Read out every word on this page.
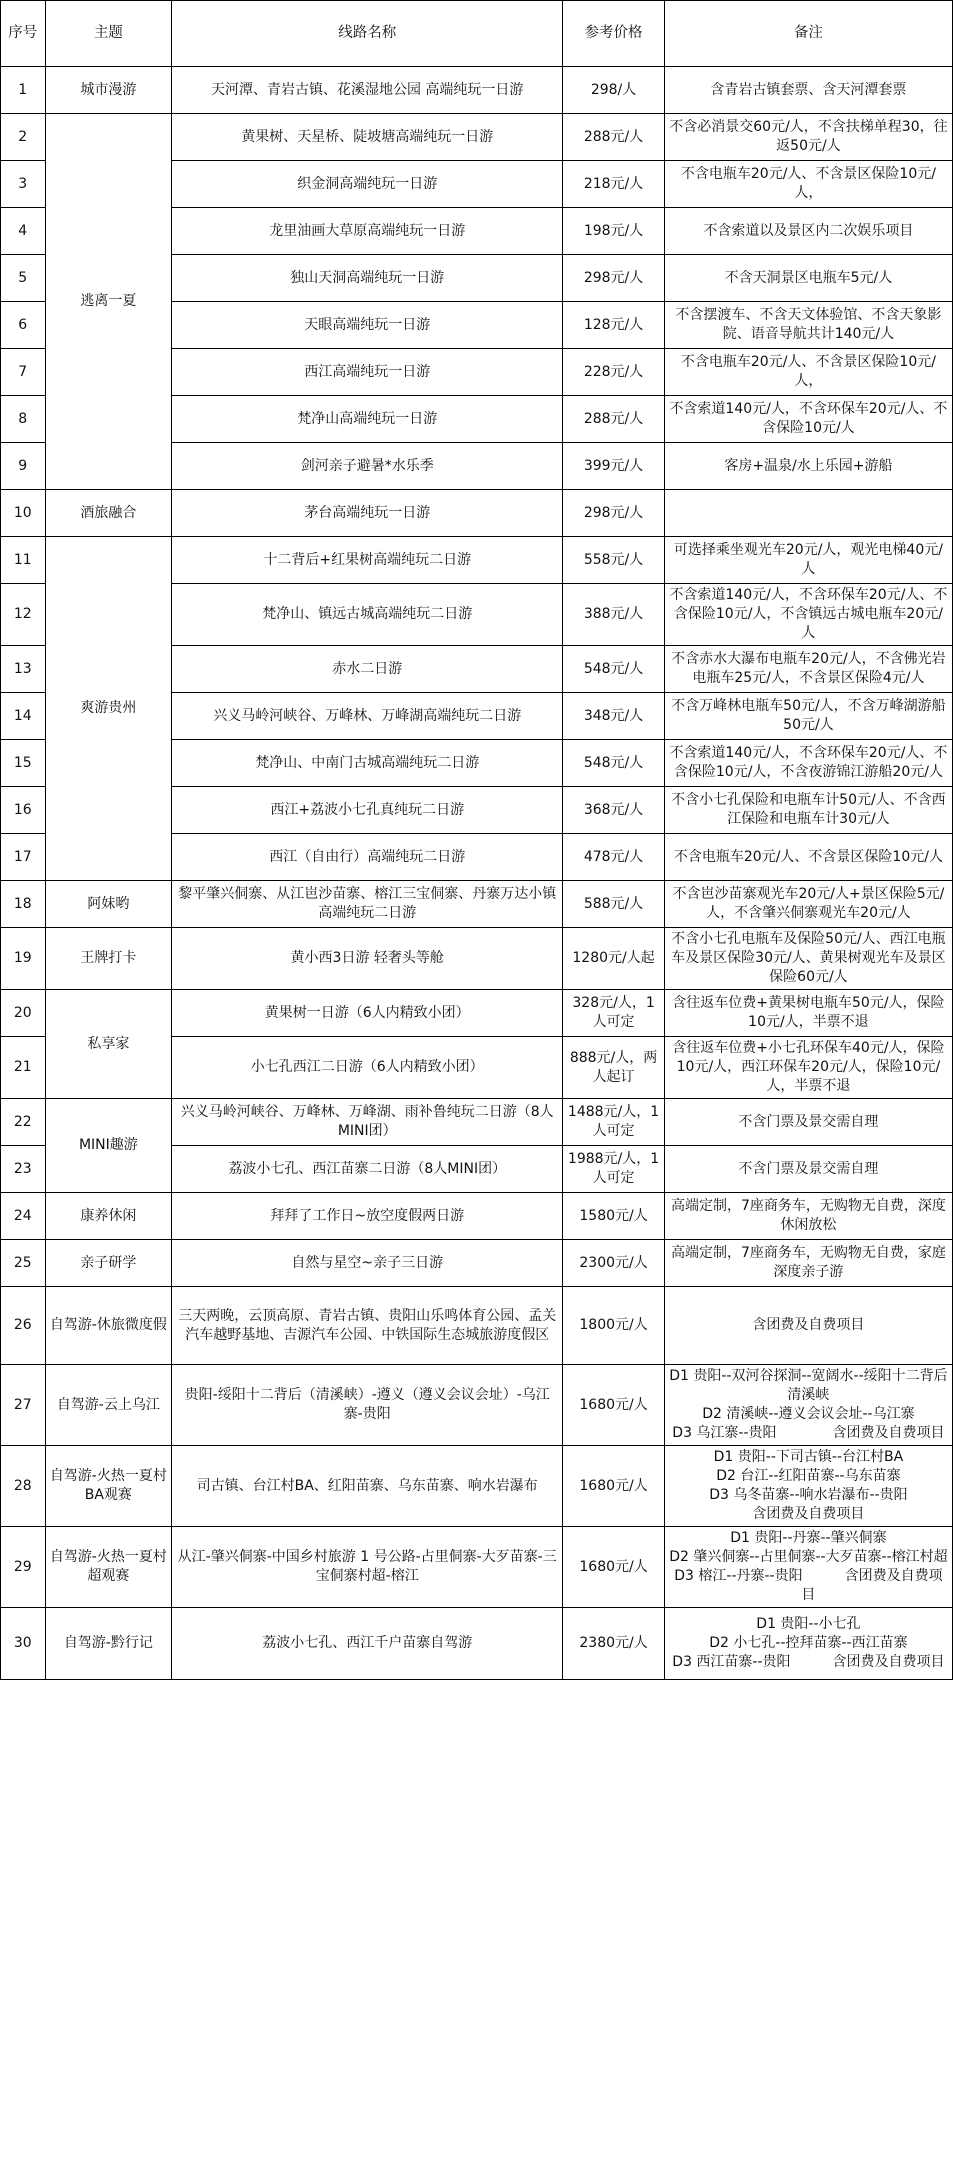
序号	主题	线路名称	参考价格	备注
1	城市漫游	天河潭、青岩古镇、花溪湿地公园 高端纯玩一日游	298/人	含青岩古镇套票、含天河潭套票
2	逃离一夏	黄果树、天星桥、陡坡塘高端纯玩一日游	288元/人	不含必消景交60元/人，不含扶梯单程30，往返50元/人
3		织金洞高端纯玩一日游	218元/人	不含电瓶车20元/人、不含景区保险10元/人，
4		龙里油画大草原高端纯玩一日游	198元/人	不含索道以及景区内二次娱乐项目
5		独山天洞高端纯玩一日游	298元/人	不含天洞景区电瓶车5元/人
6		天眼高端纯玩一日游	128元/人	不含摆渡车、不含天文体验馆、不含天象影院、语音导航共计140元/人
7		西江高端纯玩一日游	228元/人	不含电瓶车20元/人、不含景区保险10元/人，
8		梵净山高端纯玩一日游	288元/人	不含索道140元/人，不含环保车20元/人、不含保险10元/人
9		剑河亲子避暑*水乐季	399元/人	客房+温泉/水上乐园+游船
10	酒旅融合	茅台高端纯玩一日游	298元/人	
11	爽游贵州	十二背后+红果树高端纯玩二日游	558元/人	可选择乘坐观光车20元/人，观光电梯40元/人
12		梵净山、镇远古城高端纯玩二日游	388元/人	不含索道140元/人，不含环保车20元/人、不含保险10元/人，不含镇远古城电瓶车20元/人
13		赤水二日游	548元/人	不含赤水大瀑布电瓶车20元/人，不含佛光岩电瓶车25元/人，不含景区保险4元/人
14		兴义马岭河峡谷、万峰林、万峰湖高端纯玩二日游	348元/人	不含万峰林电瓶车50元/人，不含万峰湖游船50元/人
15		梵净山、中南门古城高端纯玩二日游	548元/人	不含索道140元/人，不含环保车20元/人、不含保险10元/人，不含夜游锦江游船20元/人
16		西江+荔波小七孔真纯玩二日游	368元/人	不含小七孔保险和电瓶车计50元/人、不含西江保险和电瓶车计30元/人
17		西江（自由行）高端纯玩二日游	478元/人	不含电瓶车20元/人、不含景区保险10元/人
18	阿妹哟	黎平肇兴侗寨、从江岜沙苗寨、榕江三宝侗寨、丹寨万达小镇高端纯玩二日游	588元/人	不含岜沙苗寨观光车20元/人+景区保险5元/人，不含肇兴侗寨观光车20元/人
19	王牌打卡	黄小西3日游 轻奢头等舱	1280元/人起	不含小七孔电瓶车及保险50元/人、西江电瓶车及景区保险30元/人、黄果树观光车及景区保险60元/人
20	私享家	黄果树一日游（6人内精致小团）	328元/人，1人可定	含往返车位费+黄果树电瓶车50元/人，保险10元/人，半票不退
21		小七孔西江二日游（6人内精致小团）	888元/人，两人起订	含往返车位费+小七孔环保车40元/人，保险10元/人，西江环保车20元/人，保险10元/人，半票不退
22	MINI趣游	兴义马岭河峡谷、万峰林、万峰湖、雨补鲁纯玩二日游（8人MINI团）	1488元/人，1人可定	不含门票及景交需自理
23		荔波小七孔、西江苗寨二日游（8人MINI团）	1988元/人，1人可定	不含门票及景交需自理
24	康养休闲	拜拜了工作日~放空度假两日游	1580元/人	高端定制，7座商务车，无购物无自费，深度休闲放松
25	亲子研学	自然与星空~亲子三日游	2300元/人	高端定制，7座商务车，无购物无自费，家庭深度亲子游
26	自驾游-休旅微度假	三天两晚，云顶高原、青岩古镇、贵阳山乐鸣体育公园、孟关汽车越野基地、吉源汽车公园、中铁国际生态城旅游度假区	1800元/人	含团费及自费项目
27	自驾游-云上乌江	贵阳-绥阳十二背后（清溪峡）-遵义（遵义会议会址）-乌江寨-贵阳	1680元/人	D1 贵阳--双河谷探洞--宽阔水--绥阳十二背后清溪峡
D2 清溪峡--遵义会议会址--乌江寨
D3 乌江寨--贵阳　　　　含团费及自费项目
28	自驾游-火热一夏村BA观赛	司古镇、台江村BA、红阳苗寨、乌东苗寨、响水岩瀑布	1680元/人	D1 贵阳--下司古镇--台江村BA
D2 台江--红阳苗寨--乌东苗寨
D3 乌冬苗寨--响水岩瀑布--贵阳
含团费及自费项目
29	自驾游-火热一夏村超观赛	从江-肇兴侗寨-中国乡村旅游 1 号公路-占里侗寨-大歹苗寨-三宝侗寨村超-榕江	1680元/人	D1 贵阳--丹寨--肇兴侗寨
D2 肇兴侗寨--占里侗寨--大歹苗寨--榕江村超
D3 榕江--丹寨--贵阳　　　含团费及自费项目
30	自驾游-黔行记	荔波小七孔、西江千户苗寨自驾游	2380元/人	D1 贵阳--小七孔
D2 小七孔--控拜苗寨--西江苗寨
D3 西江苗寨--贵阳　　　含团费及自费项目
